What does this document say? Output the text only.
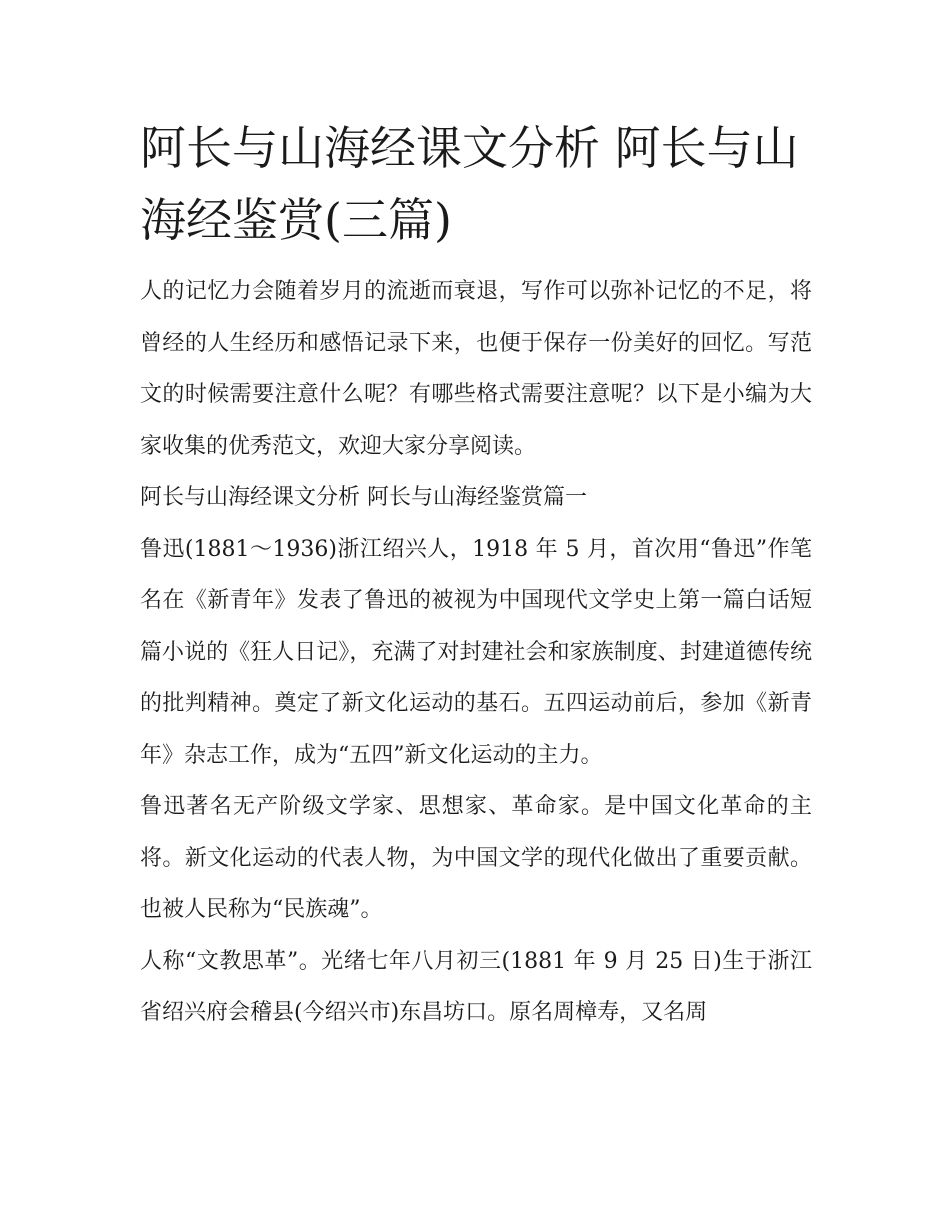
阿长与山海经课文分析 阿长与山海经鉴赏(三篇)

人的记忆力会随着岁月的流逝而衰退，写作可以弥补记忆的不足，将曾经的人生经历和感悟记录下来，也便于保存一份美好的回忆。写范文的时候需要注意什么呢？有哪些格式需要注意呢？以下是小编为大家收集的优秀范文，欢迎大家分享阅读。

阿长与山海经课文分析 阿长与山海经鉴赏篇一

鲁迅(1881～1936)浙江绍兴人，1918 年 5 月，首次用“鲁迅”作笔名在《新青年》发表了鲁迅的被视为中国现代文学史上第一篇白话短篇小说的《狂人日记》，充满了对封建社会和家族制度、封建道德传统的批判精神。奠定了新文化运动的基石。五四运动前后，参加《新青年》杂志工作，成为“五四”新文化运动的主力。

鲁迅著名无产阶级文学家、思想家、革命家。是中国文化革命的主将。新文化运动的代表人物，为中国文学的现代化做出了重要贡献。也被人民称为“民族魂”。

人称“文教思革”。光绪七年八月初三(1881 年 9 月 25 日)生于浙江省绍兴府会稽县(今绍兴市)东昌坊口。原名周樟寿，又名周
